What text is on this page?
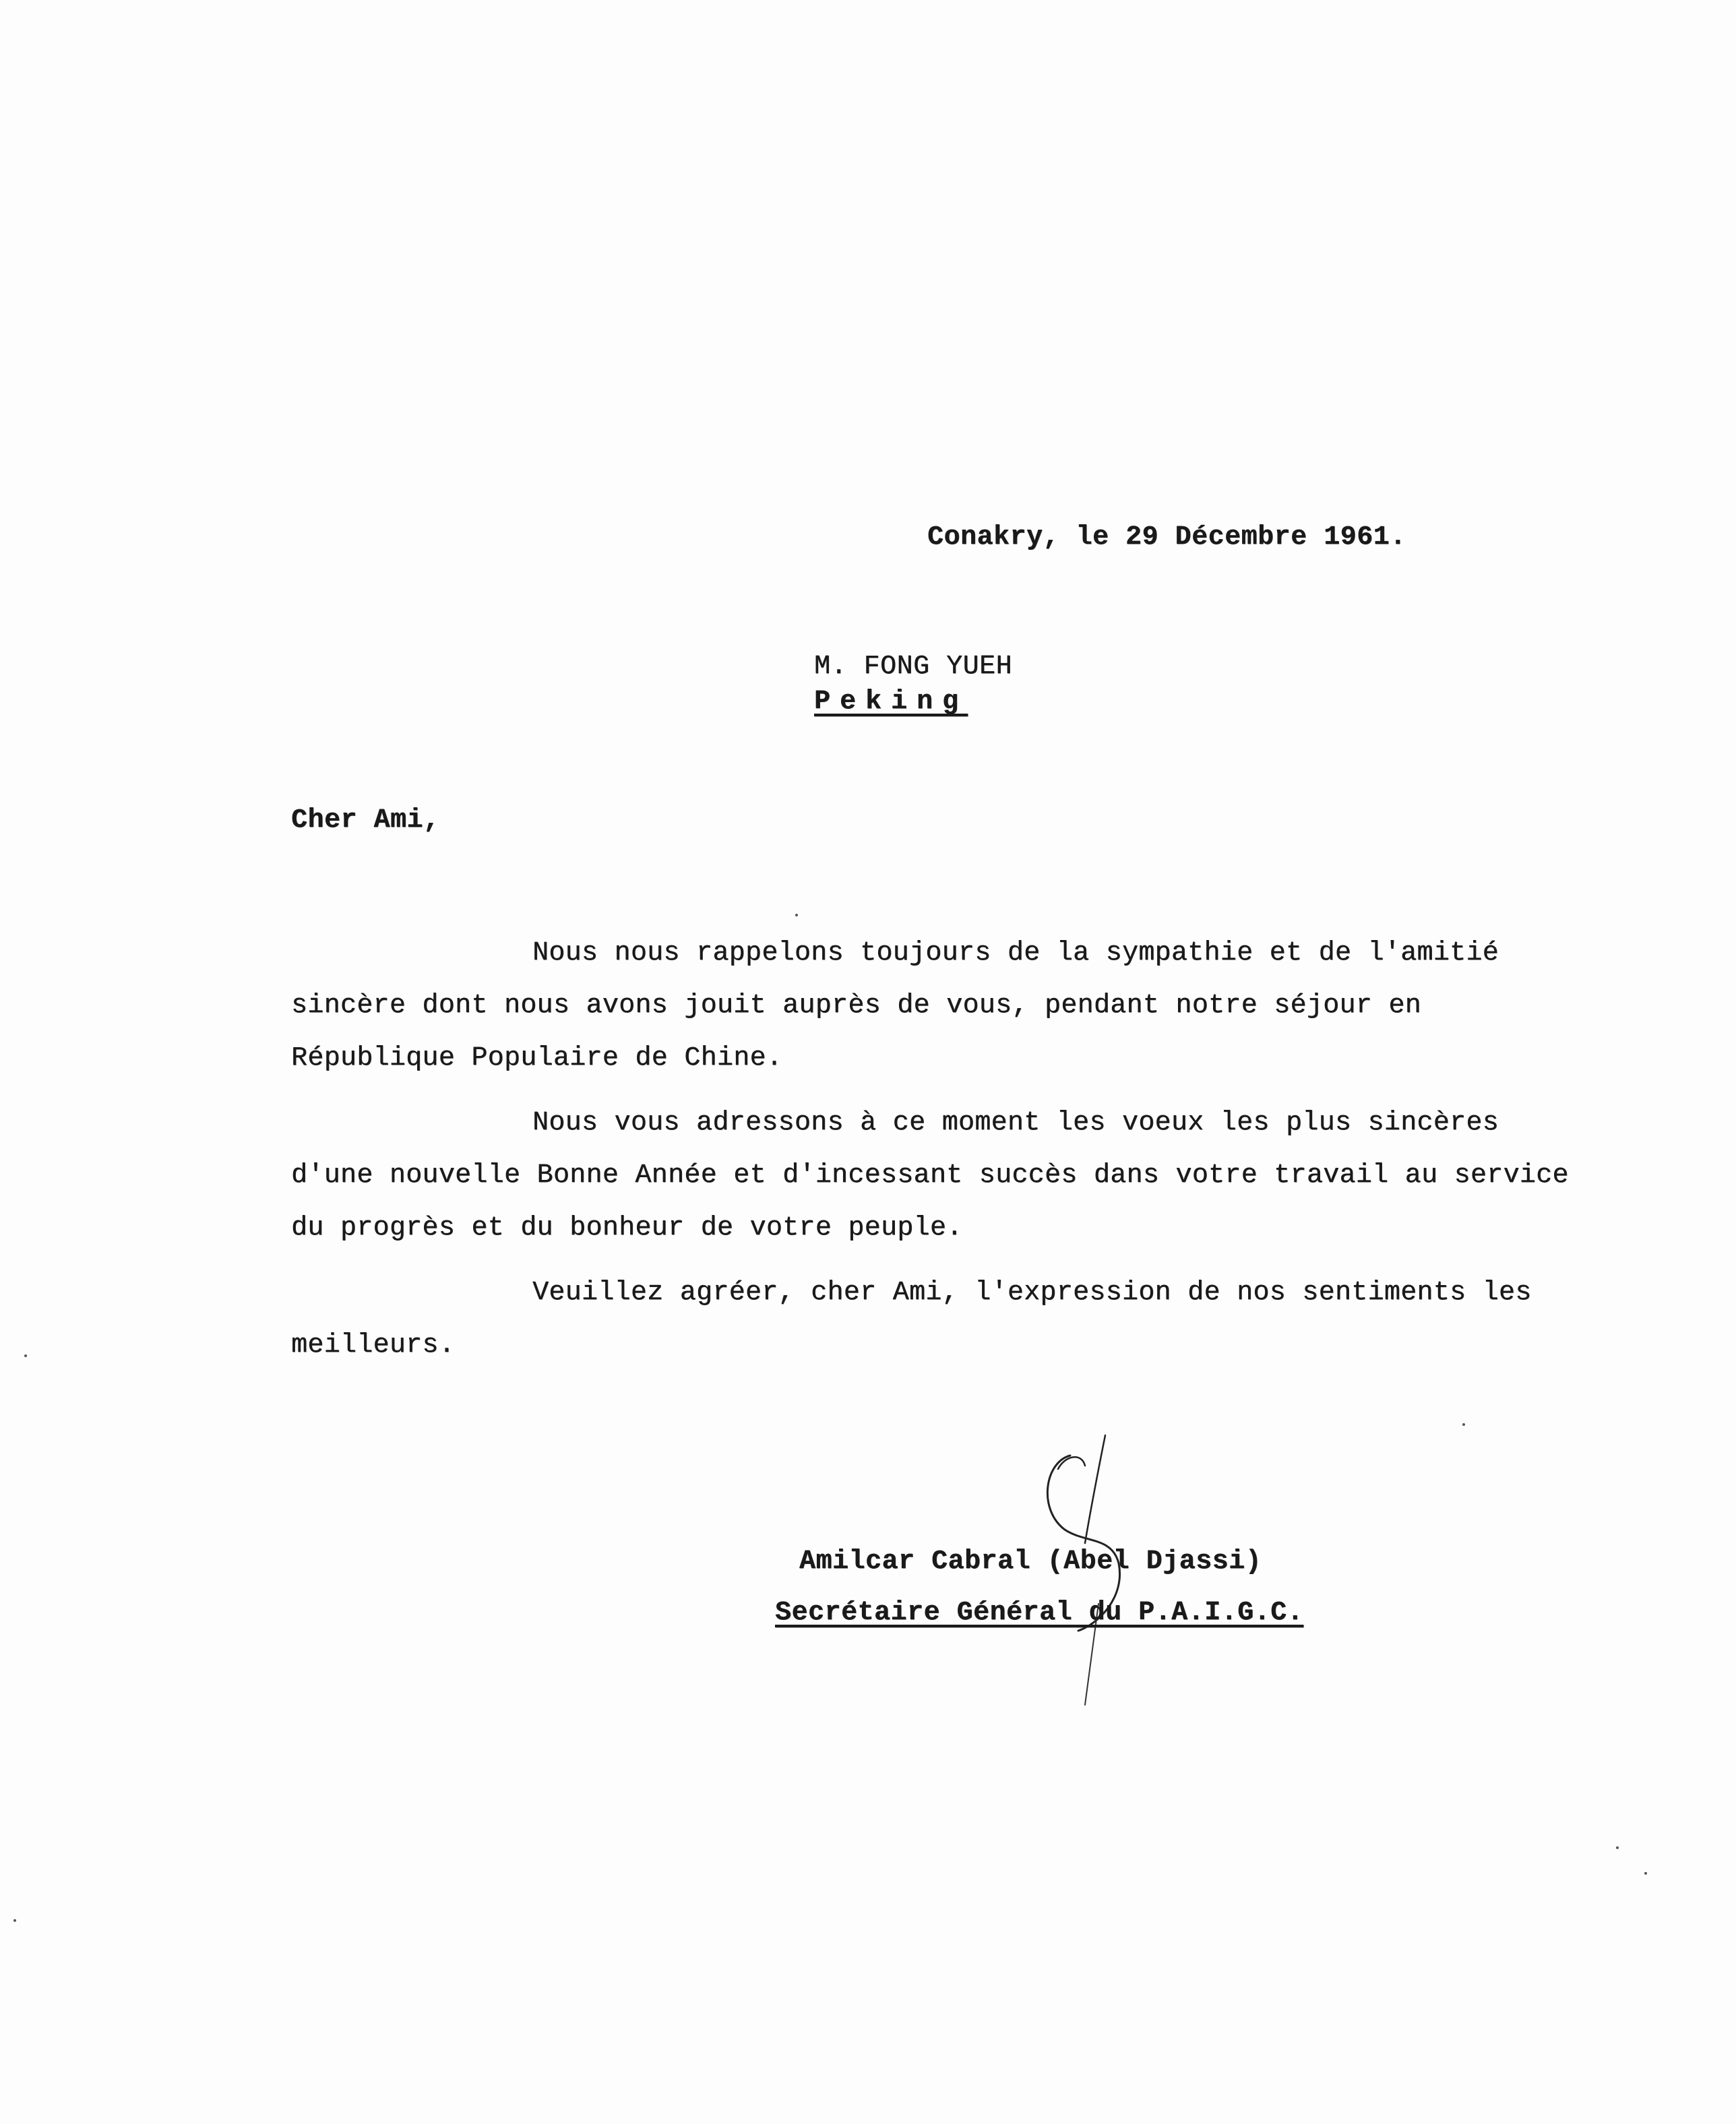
Conakry, le 29 Décembre 1961.
M. FONG YUEH
Peking
Cher Ami,
Nous nous rappelons toujours de la sympathie et de l'amitié sincère dont nous avons jouit auprès de vous, pendant notre séjour en République Populaire de Chine.
Nous vous adressons à ce moment les voeux les plus sincères d'une nouvelle Bonne Année et d'incessant succès dans votre travail au service du progrès et du bonheur de votre peuple.
Veuillez agréer, cher Ami, l'expression de nos sentiments les meilleurs.
Amilcar Cabral (Abel Djassi)
Secrétaire Général du P.A.I.G.C.
